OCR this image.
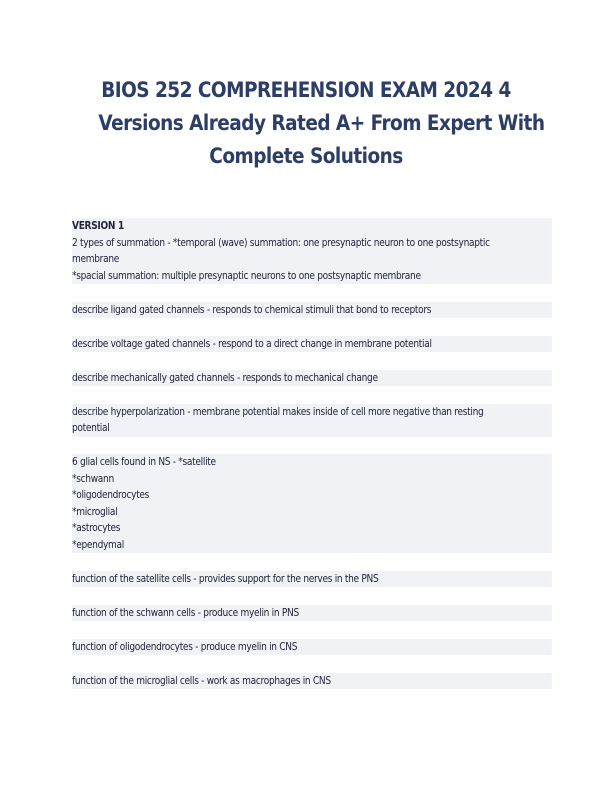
BIOS 252 COMPREHENSION EXAM 2024 4
Versions Already Rated A+ From Expert With
Complete Solutions
VERSION 1
2 types of summation - *temporal (wave) summation: one presynaptic neuron to one postsynaptic
membrane
*spacial summation: multiple presynaptic neurons to one postsynaptic membrane
describe ligand gated channels - responds to chemical stimuli that bond to receptors
describe voltage gated channels - respond to a direct change in membrane potential
describe mechanically gated channels - responds to mechanical change
describe hyperpolarization - membrane potential makes inside of cell more negative than resting
potential
6 glial cells found in NS - *satellite
*schwann
*oligodendrocytes
*microglial
*astrocytes
*ependymal
function of the satellite cells - provides support for the nerves in the PNS
function of the schwann cells - produce myelin in PNS
function of oligodendrocytes - produce myelin in CNS
function of the microglial cells - work as macrophages in CNS
